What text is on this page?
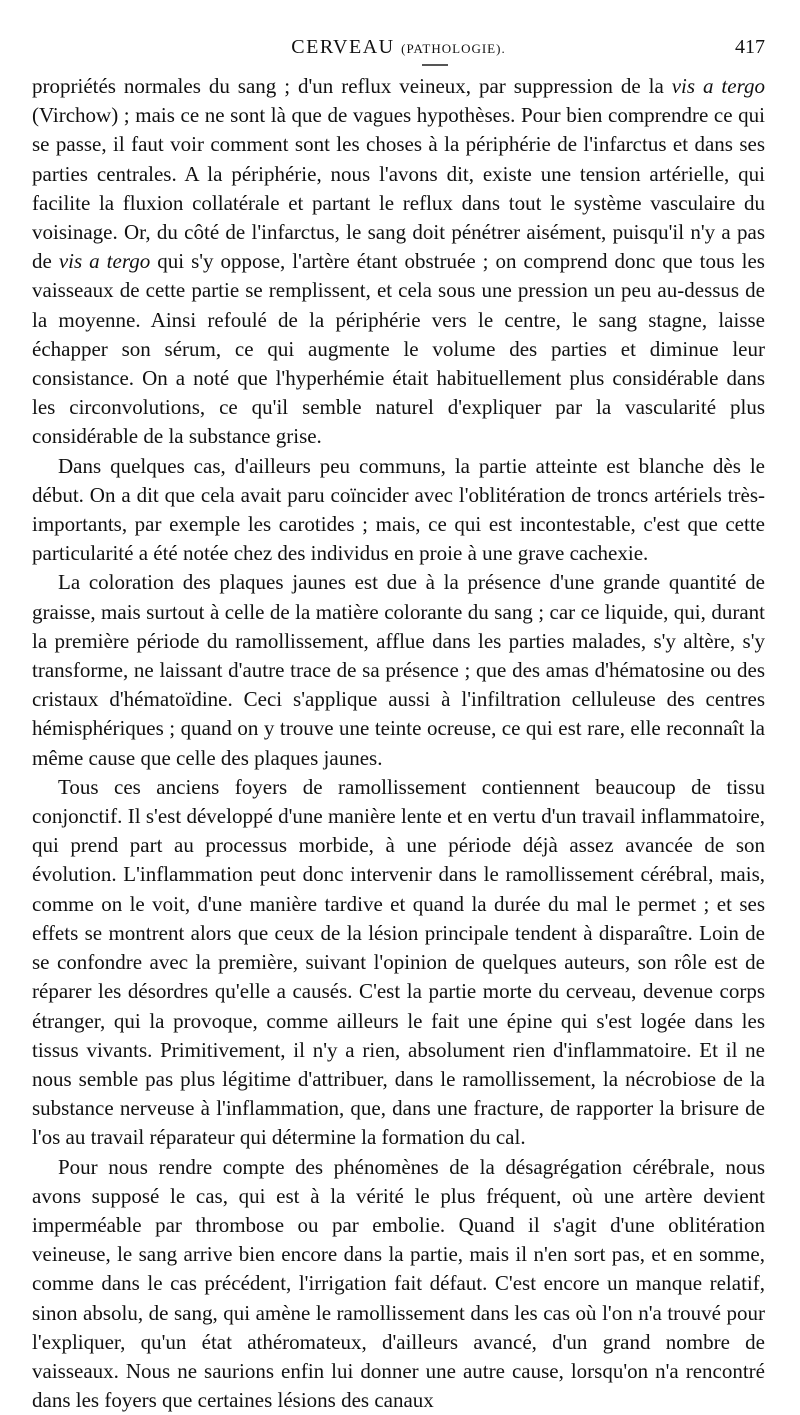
CERVEAU (PATHOLOGIE).	417

propriétés normales du sang ; d'un reflux veineux, par suppression de la vis a tergo (Virchow) ; mais ce ne sont là que de vagues hypothèses. Pour bien comprendre ce qui se passe, il faut voir comment sont les choses à la périphérie de l'infarctus et dans ses parties centrales. A la périphérie, nous l'avons dit, existe une tension artérielle, qui facilite la fluxion collatérale et partant le reflux dans tout le système vasculaire du voisinage. Or, du côté de l'infarctus, le sang doit pénétrer aisément, puisqu'il n'y a pas de vis a tergo qui s'y oppose, l'artère étant obstruée ; on comprend donc que tous les vaisseaux de cette partie se remplissent, et cela sous une pression un peu au-dessus de la moyenne. Ainsi refoulé de la périphérie vers le centre, le sang stagne, laisse échapper son sérum, ce qui augmente le volume des parties et diminue leur consistance. On a noté que l'hyperhémie était habituellement plus considérable dans les circonvolutions, ce qu'il semble naturel d'expliquer par la vascularité plus considérable de la substance grise.

Dans quelques cas, d'ailleurs peu communs, la partie atteinte est blanche dès le début. On a dit que cela avait paru coïncider avec l'oblitération de troncs artériels très-importants, par exemple les carotides ; mais, ce qui est incontestable, c'est que cette particularité a été notée chez des individus en proie à une grave cachexie.

La coloration des plaques jaunes est due à la présence d'une grande quantité de graisse, mais surtout à celle de la matière colorante du sang ; car ce liquide, qui, durant la première période du ramollissement, afflue dans les parties malades, s'y altère, s'y transforme, ne laissant d'autre trace de sa présence ; que des amas d'hématosine ou des cristaux d'hématoïdine. Ceci s'applique aussi à l'infiltration celluleuse des centres hémisphériques ; quand on y trouve une teinte ocreuse, ce qui est rare, elle reconnaît la même cause que celle des plaques jaunes.

Tous ces anciens foyers de ramollissement contiennent beaucoup de tissu conjonctif. Il s'est développé d'une manière lente et en vertu d'un travail inflammatoire, qui prend part au processus morbide, à une période déjà assez avancée de son évolution. L'inflammation peut donc intervenir dans le ramollissement cérébral, mais, comme on le voit, d'une manière tardive et quand la durée du mal le permet ; et ses effets se montrent alors que ceux de la lésion principale tendent à disparaître. Loin de se confondre avec la première, suivant l'opinion de quelques auteurs, son rôle est de réparer les désordres qu'elle a causés. C'est la partie morte du cerveau, devenue corps étranger, qui la provoque, comme ailleurs le fait une épine qui s'est logée dans les tissus vivants. Primitivement, il n'y a rien, absolument rien d'inflammatoire. Et il ne nous semble pas plus légitime d'attribuer, dans le ramollissement, la nécrobiose de la substance nerveuse à l'inflammation, que, dans une fracture, de rapporter la brisure de l'os au travail réparateur qui détermine la formation du cal.

Pour nous rendre compte des phénomènes de la désagrégation cérébrale, nous avons supposé le cas, qui est à la vérité le plus fréquent, où une artère devient imperméable par thrombose ou par embolie. Quand il s'agit d'une oblitération veineuse, le sang arrive bien encore dans la partie, mais il n'en sort pas, et en somme, comme dans le cas précédent, l'irrigation fait défaut. C'est encore un manque relatif, sinon absolu, de sang, qui amène le ramollissement dans les cas où l'on n'a trouvé pour l'expliquer, qu'un état athéromateux, d'ailleurs avancé, d'un grand nombre de vaisseaux. Nous ne saurions enfin lui donner une autre cause, lorsqu'on n'a rencontré dans les foyers que certaines lésions des canaux
